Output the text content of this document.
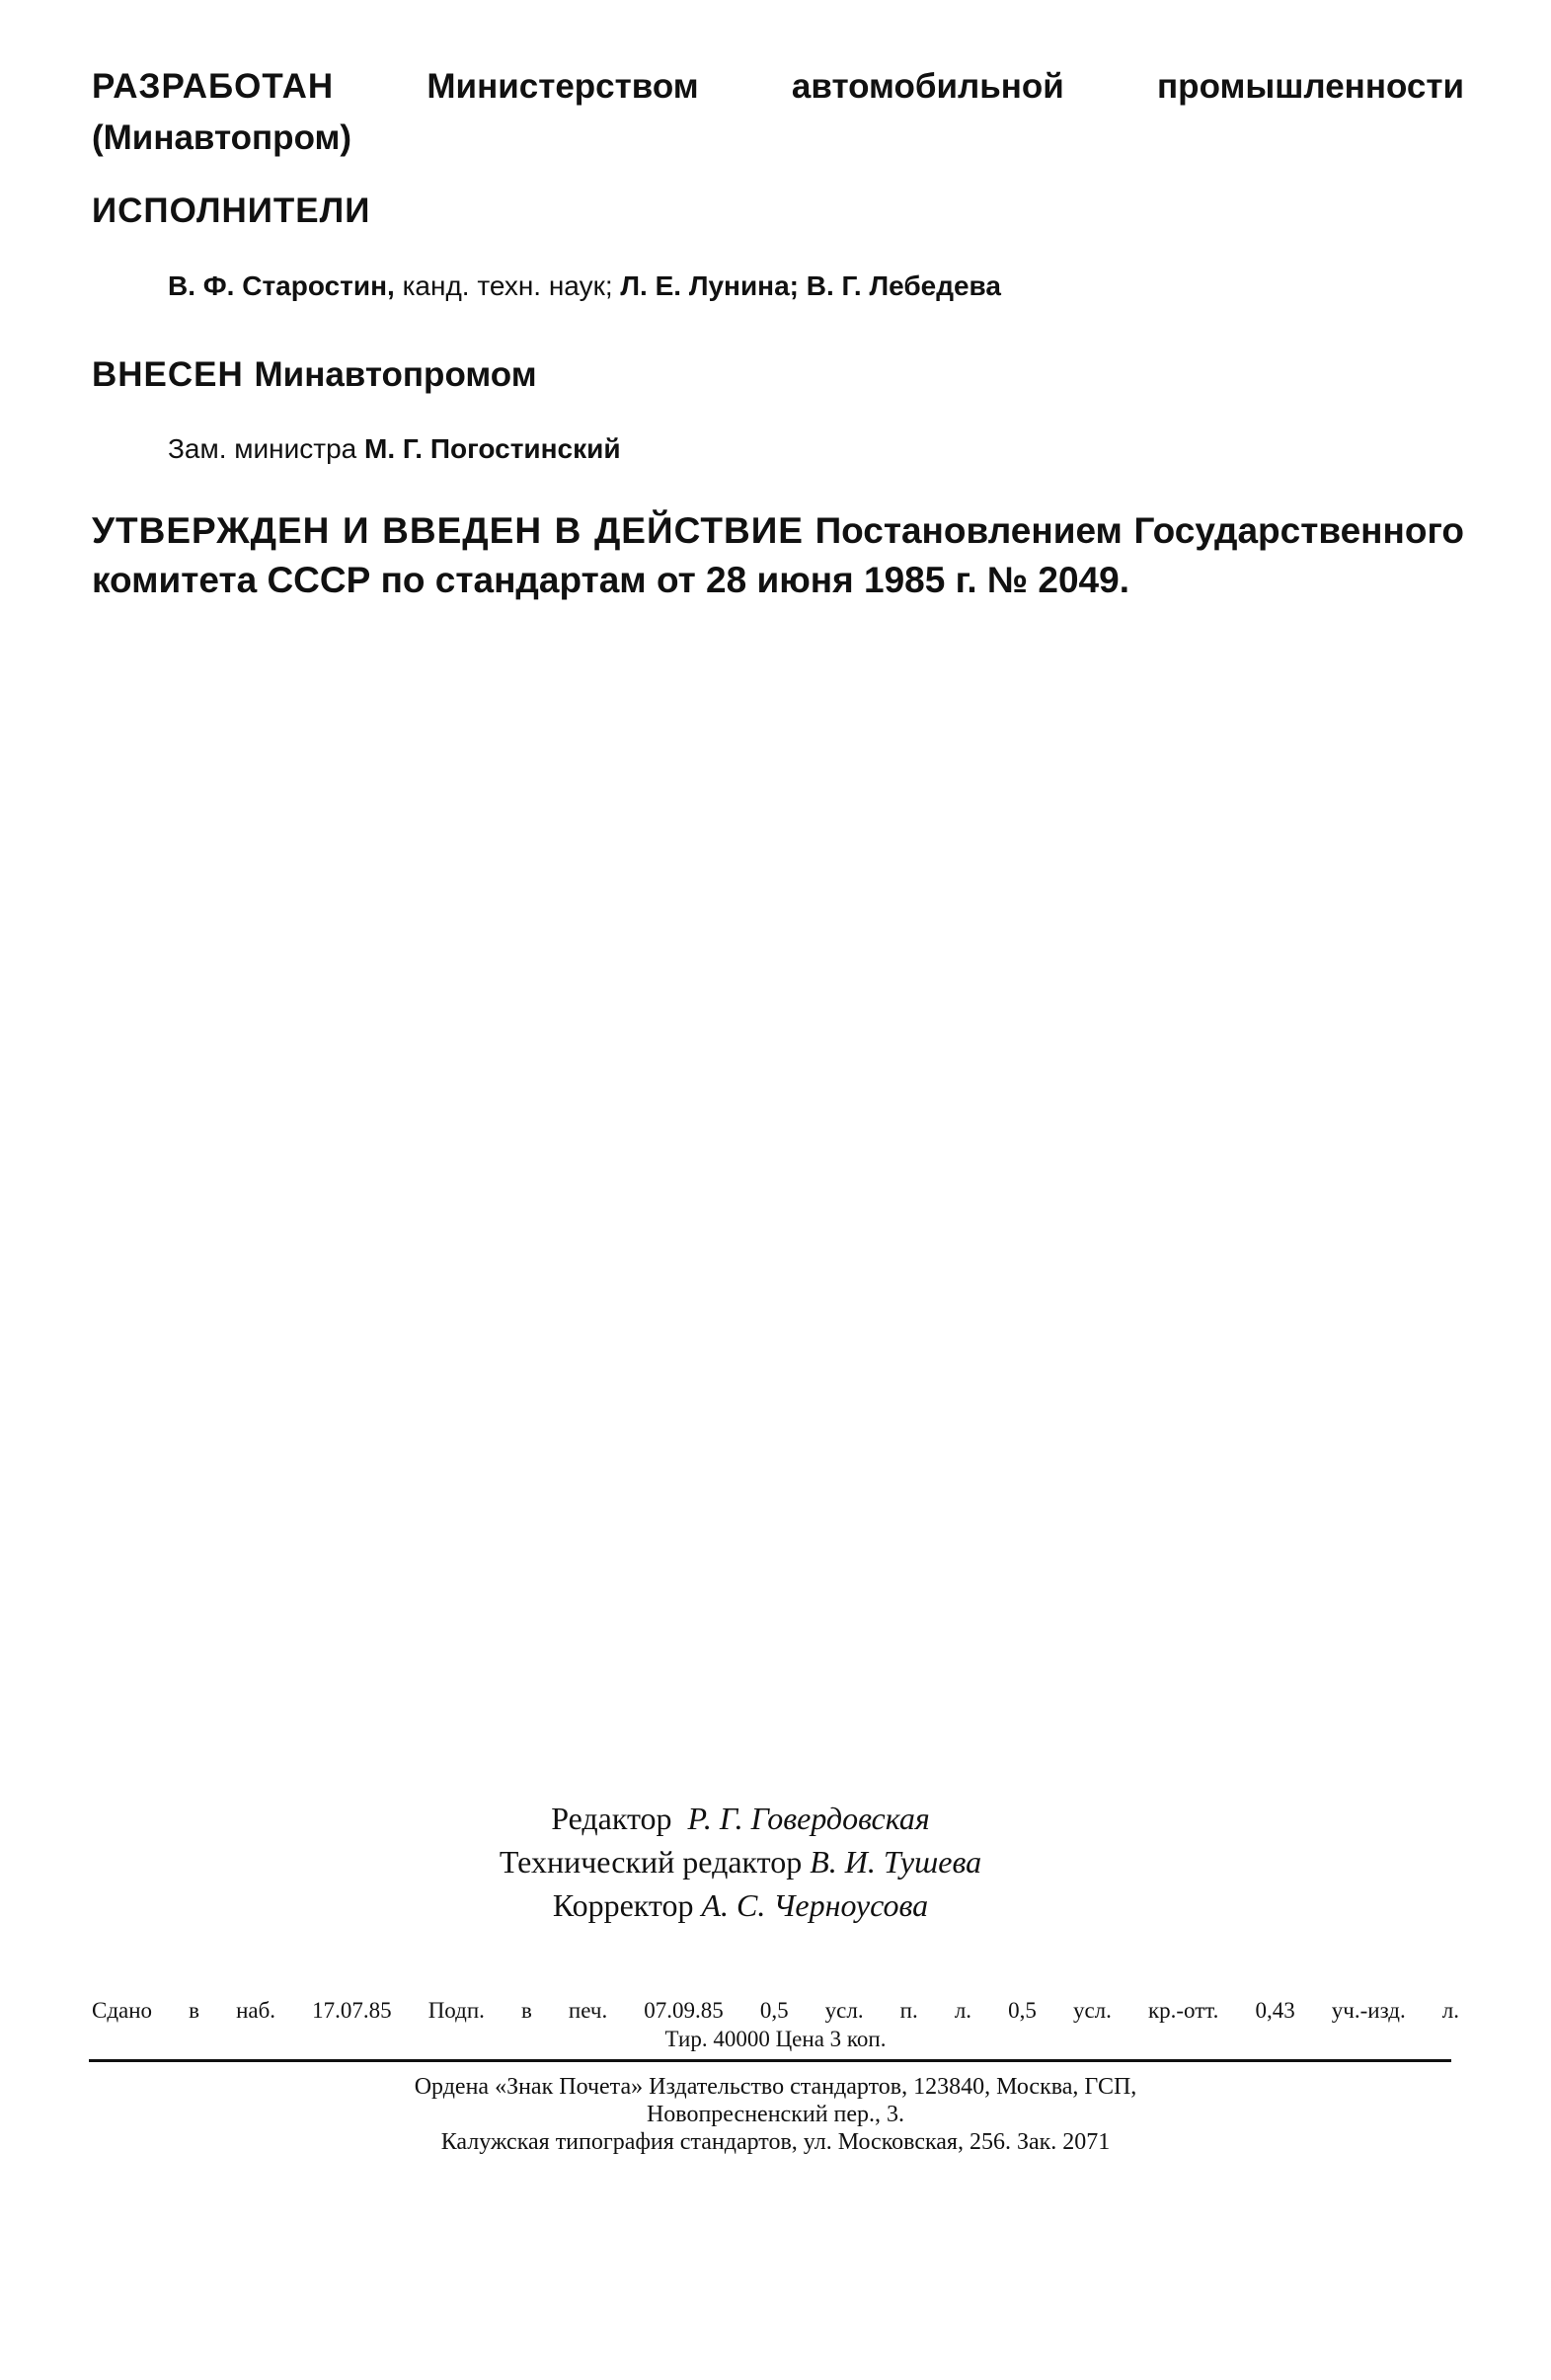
РАЗРАБОТАН	Министерством автомобильной промышленности (Минавтопром)
ИСПОЛНИТЕЛИ
В. Ф. Старостин, канд. техн. наук; Л. Е. Лунина; В. Г. Лебедева
ВНЕСЕН Минавтопромом
Зам. министра М. Г. Погостинский
УТВЕРЖДЕН И ВВЕДЕН В ДЕЙСТВИЕ Постановлением Государственного комитета СССР по стандартам от 28 июня 1985 г. № 2049.
Редактор Р. Г. Говердовская
Технический редактор В. И. Тушева
Корректор А. С. Черноусова
Сдано в наб. 17.07.85 Подп. в печ. 07.09.85 0,5 усл. п. л. 0,5 усл. кр.-отт. 0,43 уч.-изд. л.
Тир. 40000 Цена 3 коп.
Ордена «Знак Почета» Издательство стандартов, 123840, Москва, ГСП,
Новопресненский пер., 3.
Калужская типография стандартов, ул. Московская, 256. Зак. 2071
